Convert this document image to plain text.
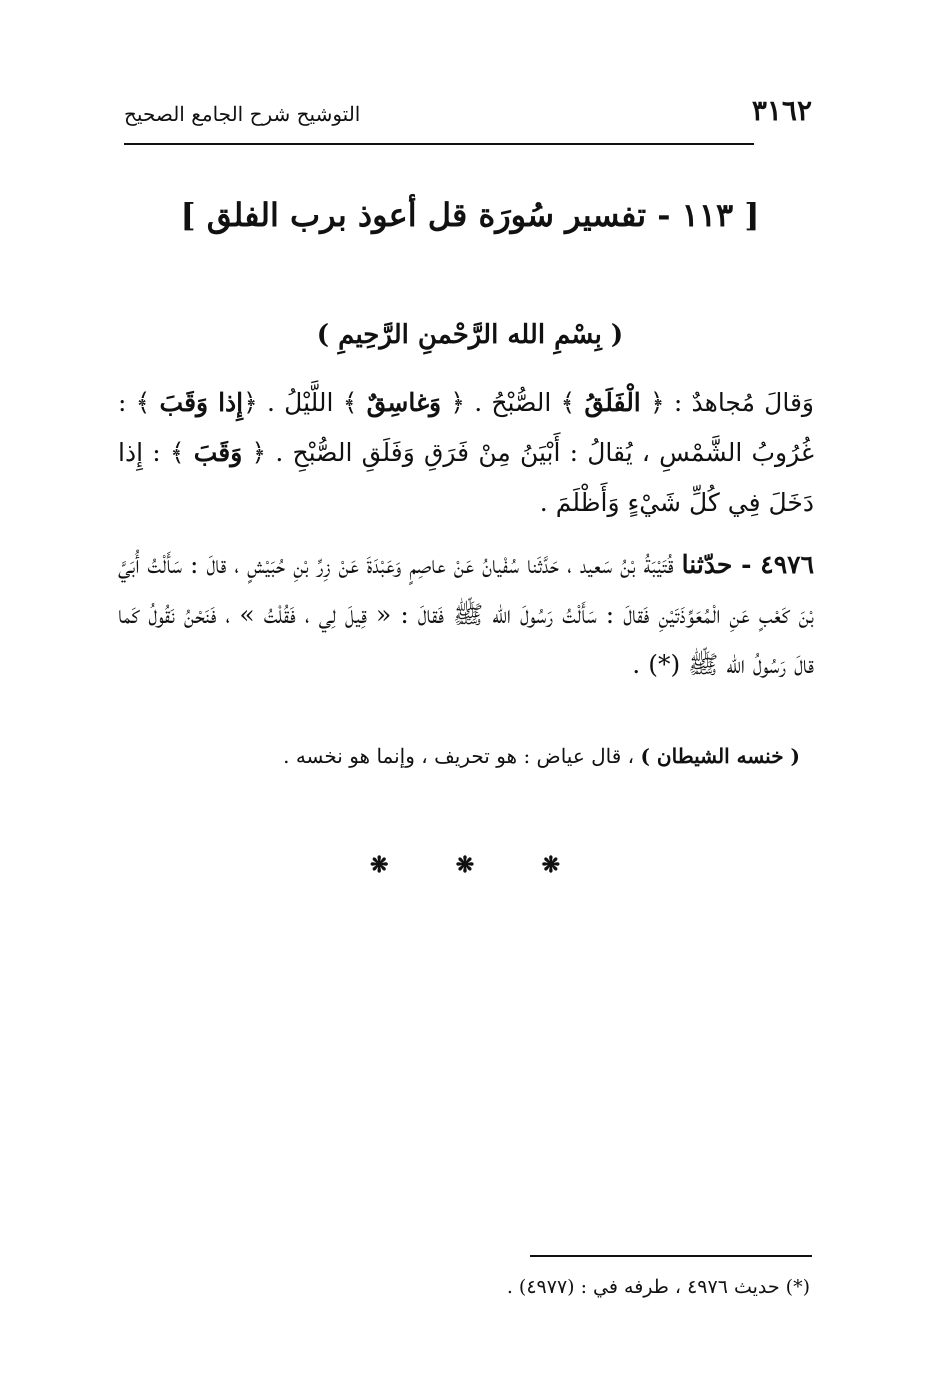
٣١٦٢
التوشيح شرح الجامع الصحيح
[ ١١٣ - تفسير سُورَة قل أعوذ برب الفلق ]
( بِسْمِ الله الرَّحْمنِ الرَّحِيمِ )

وَقالَ مُجاهدٌ : ﴿ الْفَلَقُ ﴾ الصُّبْحُ . ﴿ وَغاسِقٌ ﴾ اللَّيْلُ . ﴿إِذا وَقَبَ ﴾ : غُرُوبُ الشَّمْسِ ، يُقالُ : أَبْيَنُ مِنْ فَرَقِ وَفَلَقِ الصُّبْحِ . ﴿ وَقَبَ ﴾ : إِذا دَخَلَ فِي كُلِّ شَيْءٍ وَأَظْلَمَ .

٤٩٧٦ - حدّثنا قُتَيْبَةُ بْنُ سَعيد ، حَدَّثَنا سُفْيانُ عَنْ عاصِمٍ وَعَبْدَةَ عَنْ زِرِّ بْنِ حُبَيْشٍ ، قالَ : سَأَلْتُ أُبَيَّ بْنَ كَعْبٍ عَنِ الْمُعَوِّذَتَيْنِ فَقالَ : سَأَلْتُ رَسُولَ الله ﷺ فَقالَ : « قِيلَ لِي ، فَقُلْتُ » ، فَنَحْنُ نَقُولُ كَما قالَ رَسُولُ الله ﷺ (*) .

( خنسه الشيطان ) ، قال عياض : هو تحريف ، وإنما هو نخسه .
❋
❋
❋
(*) حديث ٤٩٧٦ ، طرفه في : (٤٩٧٧) .
